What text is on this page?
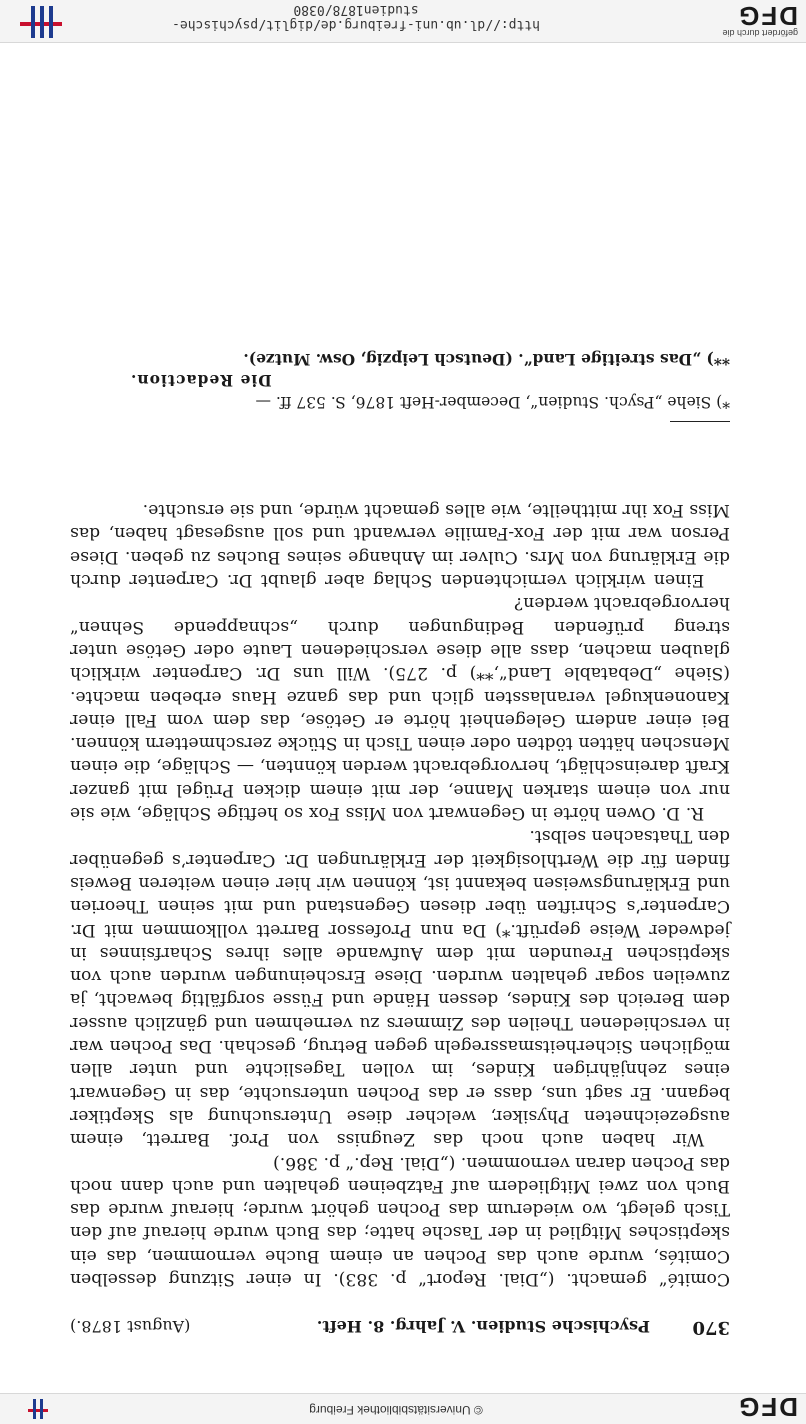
http://dl.ub.uni-freiburg.de/diglit/psychische-studien1878/0380
gefördert durch die
DFG
370
Psychische Studien. V. Jahrg. 8. Heft.
(August 1878.)

Comité“ gemacht. („Dial. Report“ p. 383). In einer Sitzung desselben Comités, wurde auch das Pochen an einem Buche vernommen, das ein skeptisches Mitglied in der Tasche hatte; das Buch wurde hierauf auf den Tisch gelegt, wo wiederum das Pochen gehört wurde; hierauf wurde das Buch von zwei Mitgliedern auf Fatzbeinen gehalten und auch dann noch das Pochen daran vernommen. („Dial. Rep.“ p. 386.)

Wir haben auch noch das Zeugniss von Prof. Barrett, einem ausgezeichneten Physiker, welcher diese Untersuchung als Skeptiker begann. Er sagt uns, dass er das Pochen untersuchte, das in Gegenwart eines zehnjährigen Kindes, im vollen Tageslichte und unter allen möglichen Sicherheitsmassregeln gegen Betrug, geschah. Das Pochen war in verschiedenen Theilen des Zimmers zu vernehmen und gänzlich ausser dem Bereich des Kindes, dessen Hände und Füsse sorgfältig bewacht, ja zuweilen sogar gehalten wurden. Diese Erscheinungen wurden auch von skeptischen Freunden mit dem Aufwande alles ihres Scharfsinnes in jedweder Weise geprüft.*) Da nun Professor Barrett vollkommen mit Dr. Carpenter’s Schriften über diesen Gegenstand und mit seinen Theorien und Erklärungsweisen bekannt ist, können wir hier einen weiteren Beweis finden für die Werthlosigkeit der Erklärungen Dr. Carpenter’s gegenüber den Thatsachen selbst.

R. D. Owen hörte in Gegenwart von Miss Fox so heftige Schläge, wie sie nur von einem starken Manne, der mit einem dicken Prügel mit ganzer Kraft dareinschlägt, hervorgebracht werden könnten, — Schläge, die einen Menschen hätten tödten oder einen Tisch in Stücke zerschmettern können. Bei einer andern Gelegenheit hörte er Getöse, das dem vom Fall einer Kanonenkugel veranlassten glich und das ganze Haus erbeben machte. (Siehe „Debatable Land“,**) p. 275). Will uns Dr. Carpenter wirklich glauben machen, dass alle diese verschiedenen Laute oder Getöse unter streng prüfenden Bedingungen durch „schnappende Sehnen“ hervorgebracht werden?

Einen wirklich vernichtenden Schlag aber glaubt Dr. Carpenter durch die Erklärung von Mrs. Culver im Anhange seines Buches zu geben. Diese Person war mit der Fox-Familie verwandt und soll ausgesagt haben, das Miss Fox ihr mittheilte, wie alles gemacht würde, und sie ersuchte.

*) Siehe „Psych. Studien“, December-Heft 1876, S. 537 ff. —

Die Redaction.

**) „Das streitige Land“. (Deutsch Leipzig, Osw. Mutze).

© Universitätsbibliothek Freiburg	DFG
